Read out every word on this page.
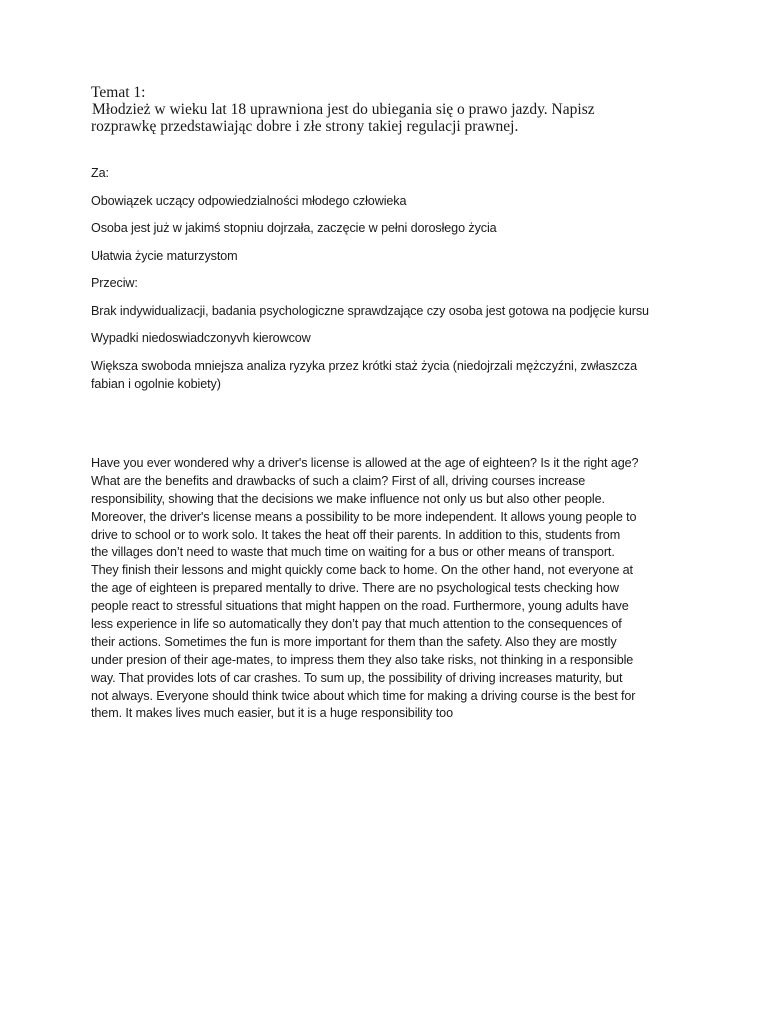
Temat 1:
Młodzież w wieku lat 18 uprawniona jest do ubiegania się o prawo jazdy. Napisz
rozprawkę przedstawiając dobre i złe strony takiej regulacji prawnej.
Za:
Obowiązek uczący odpowiedzialności młodego człowieka
Osoba jest już w jakimś stopniu dojrzała, zaczęcie w pełni dorosłego życia
Ułatwia życie maturzystom
Przeciw:
Brak indywidualizacji, badania psychologiczne sprawdzające czy osoba jest gotowa na podjęcie kursu
Wypadki niedoswiadczonyvh kierowcow
Większa swoboda mniejsza analiza ryzyka przez krótki staż życia (niedojrzali mężczyźni, zwłaszcza
fabian i ogolnie kobiety)
Have you ever wondered why a driver's license is allowed at the age of eighteen? Is it the right age?
What are the benefits and drawbacks of such a claim? First of all, driving courses increase
responsibility, showing that the decisions we make influence not only us but also other people.
Moreover, the driver's license means a possibility to be more independent. It allows young people to
drive to school or to work solo. It takes the heat off their parents. In addition to this, students from
the villages don’t need to waste that much time on waiting for a bus or other means of transport.
They finish their lessons and might quickly come back to home. On the other hand, not everyone at
the age of eighteen is prepared mentally to drive. There are no psychological tests checking how
people react to stressful situations that might happen on the road. Furthermore, young adults have
less experience in life so automatically they don’t pay that much attention to the consequences of
their actions. Sometimes the fun is more important for them than the safety. Also they are mostly
under presion of their age-mates, to impress them they also take risks, not thinking in a responsible
way. That provides lots of car crashes. To sum up, the possibility of driving increases maturity, but
not always. Everyone should think twice about which time for making a driving course is the best for
them. It makes lives much easier, but it is a huge responsibility too
